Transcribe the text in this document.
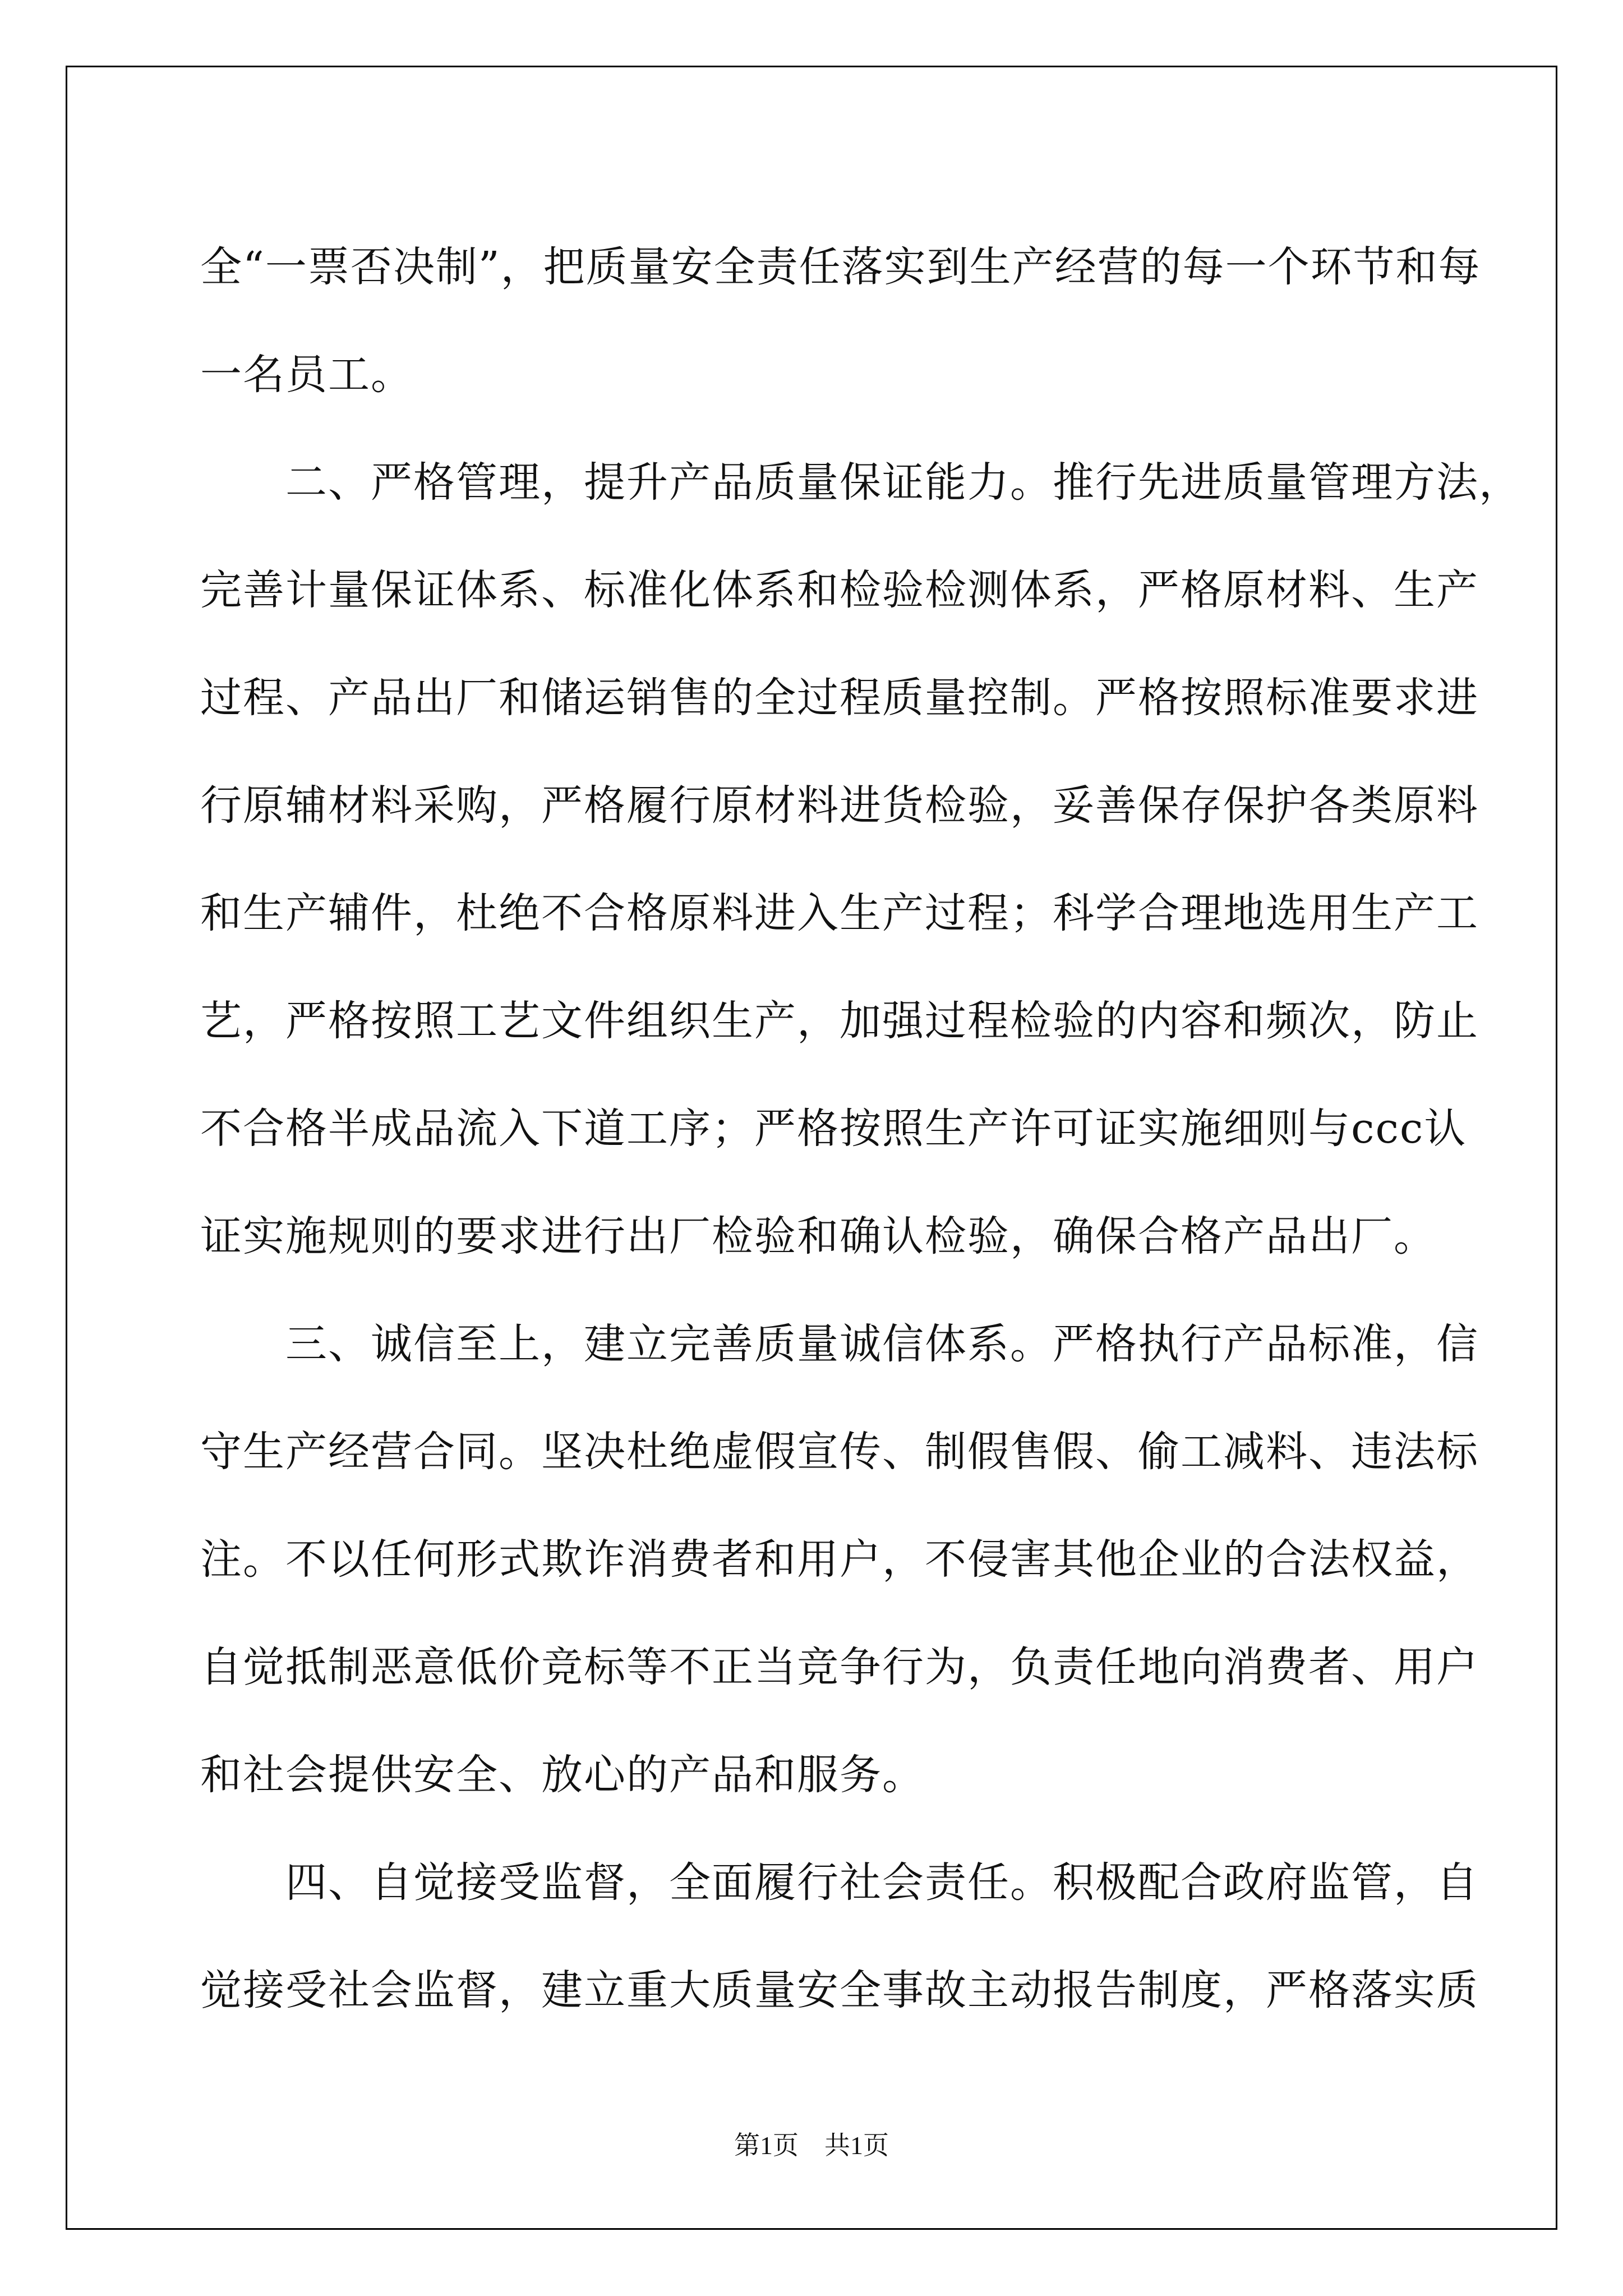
全“一票否决制”，把质量安全责任落实到生产经营的每一个环节和每
一名员工。
　　二、严格管理，提升产品质量保证能力。推行先进质量管理方法，
完善计量保证体系、标准化体系和检验检测体系，严格原材料、生产
过程、产品出厂和储运销售的全过程质量控制。严格按照标准要求进
行原辅材料采购，严格履行原材料进货检验，妥善保存保护各类原料
和生产辅件，杜绝不合格原料进入生产过程；科学合理地选用生产工
艺，严格按照工艺文件组织生产，加强过程检验的内容和频次，防止
不合格半成品流入下道工序；严格按照生产许可证实施细则与ccc认
证实施规则的要求进行出厂检验和确认检验，确保合格产品出厂。
　　三、诚信至上，建立完善质量诚信体系。严格执行产品标准，信
守生产经营合同。坚决杜绝虚假宣传、制假售假、偷工减料、违法标
注。不以任何形式欺诈消费者和用户，不侵害其他企业的合法权益，
自觉抵制恶意低价竞标等不正当竞争行为，负责任地向消费者、用户
和社会提供安全、放心的产品和服务。
　　四、自觉接受监督，全面履行社会责任。积极配合政府监管，自
觉接受社会监督，建立重大质量安全事故主动报告制度，严格落实质
第1页　共1页
